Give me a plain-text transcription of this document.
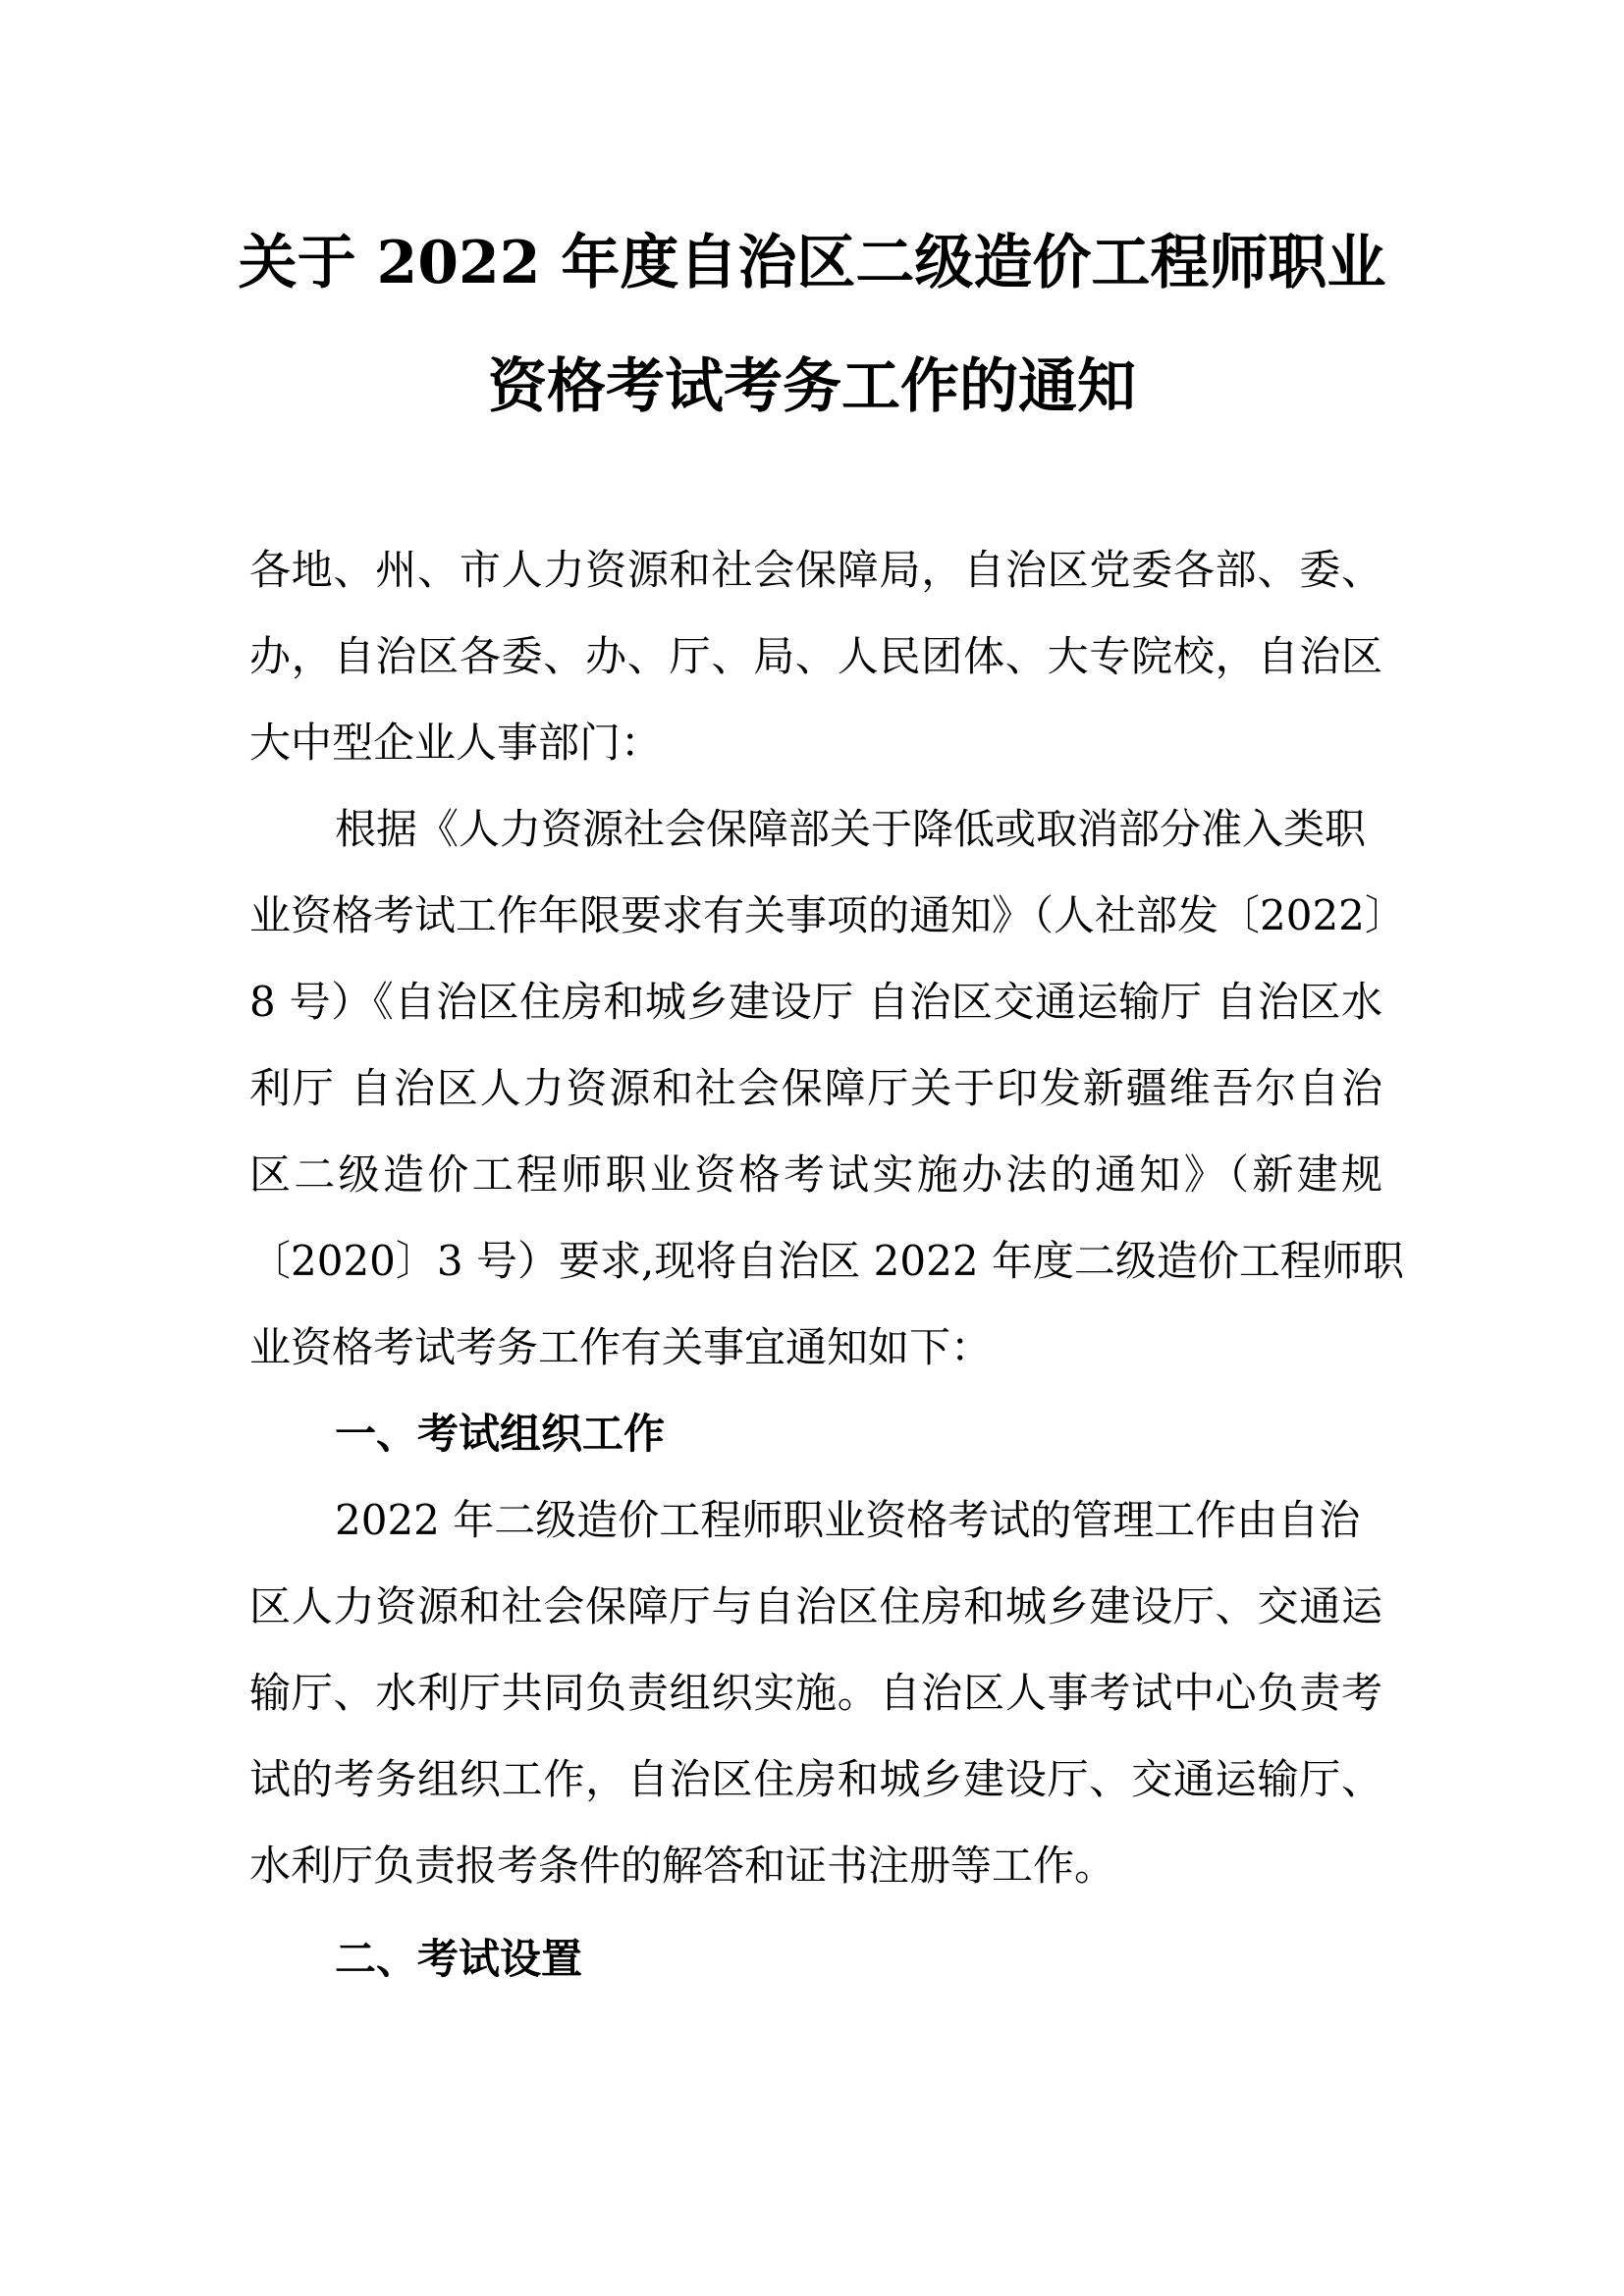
关于 2022 年度自治区二级造价工程师职业
资格考试考务工作的通知
各地、州、市人力资源和社会保障局，自治区党委各部、委、
办，自治区各委、办、厅、局、人民团体、大专院校，自治区
大中型企业人事部门：
根据《人力资源社会保障部关于降低或取消部分准入类职
业资格考试工作年限要求有关事项的通知》（人社部发〔2022〕
8 号）《自治区住房和城乡建设厅 自治区交通运输厅 自治区水
利厅 自治区人力资源和社会保障厅关于印发新疆维吾尔自治
区二级造价工程师职业资格考试实施办法的通知》（新建规
〔2020〕3 号）要求,现将自治区 2022 年度二级造价工程师职
业资格考试考务工作有关事宜通知如下：
一、考试组织工作
2022 年二级造价工程师职业资格考试的管理工作由自治
区人力资源和社会保障厅与自治区住房和城乡建设厅、交通运
输厅、水利厅共同负责组织实施。自治区人事考试中心负责考
试的考务组织工作，自治区住房和城乡建设厅、交通运输厅、
水利厅负责报考条件的解答和证书注册等工作。
二、考试设置
